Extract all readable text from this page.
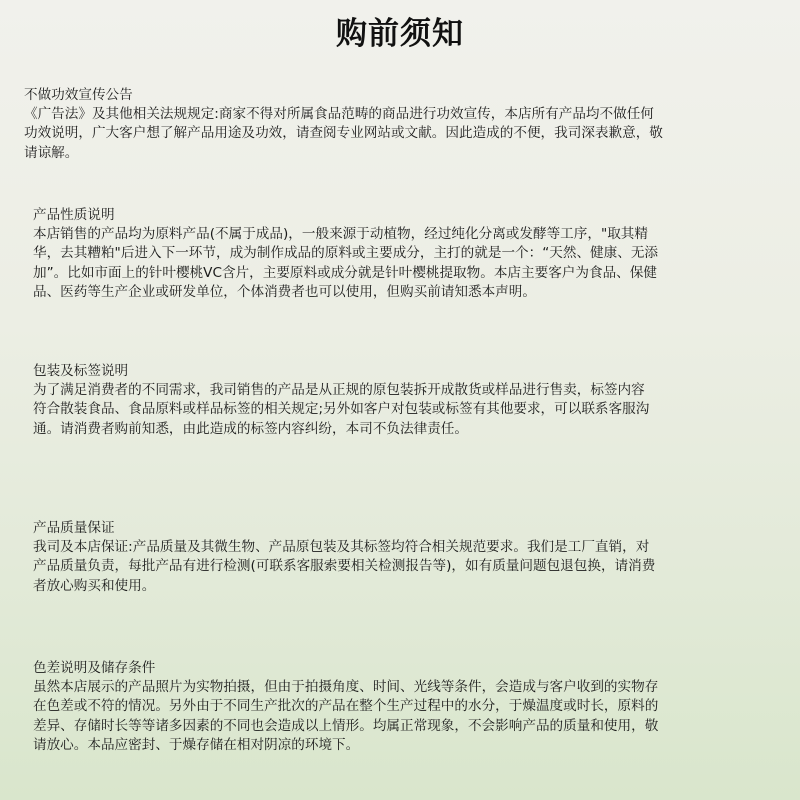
购前须知
不做功效宣传公告
《广告法》及其他相关法规规定:商家不得对所属食品范畴的商品进行功效宣传，本店所有产品均不做任何
功效说明，广大客户想了解产品用途及功效，请查阅专业网站或文献。因此造成的不便，我司深表歉意，敬
请谅解。
产品性质说明
本店销售的产品均为原料产品(不属于成品)，一般来源于动植物，经过纯化分离或发酵等工序，"取其精
华，去其糟粕"后进入下一环节，成为制作成品的原料或主要成分，主打的就是一个：“天然、健康、无添
加”。比如市面上的针叶樱桃VC含片，主要原料或成分就是针叶樱桃提取物。本店主要客户为食品、保健
品、医药等生产企业或研发单位，个体消费者也可以使用，但购买前请知悉本声明。
包装及标签说明
为了满足消费者的不同需求，我司销售的产品是从正规的原包装拆开成散货或样品进行售卖，标签内容
符合散装食品、食品原料或样品标签的相关规定;另外如客户对包装或标签有其他要求，可以联系客服沟
通。请消费者购前知悉，由此造成的标签内容纠纷，本司不负法律责任。
产品质量保证
我司及本店保证:产品质量及其微生物、产品原包装及其标签均符合相关规范要求。我们是工厂直销，对
产品质量负责，每批产品有进行检测(可联系客服索要相关检测报告等)，如有质量问题包退包换，请消费
者放心购买和使用。
色差说明及储存条件
虽然本店展示的产品照片为实物拍摄，但由于拍摄角度、时间、光线等条件，会造成与客户收到的实物存
在色差或不符的情况。另外由于不同生产批次的产品在整个生产过程中的水分，于燥温度或时长，原料的
差异、存储时长等等诸多因素的不同也会造成以上情形。均属正常现象，不会影响产品的质量和使用，敬
请放心。本品应密封、于燥存储在相对阴凉的环境下。
